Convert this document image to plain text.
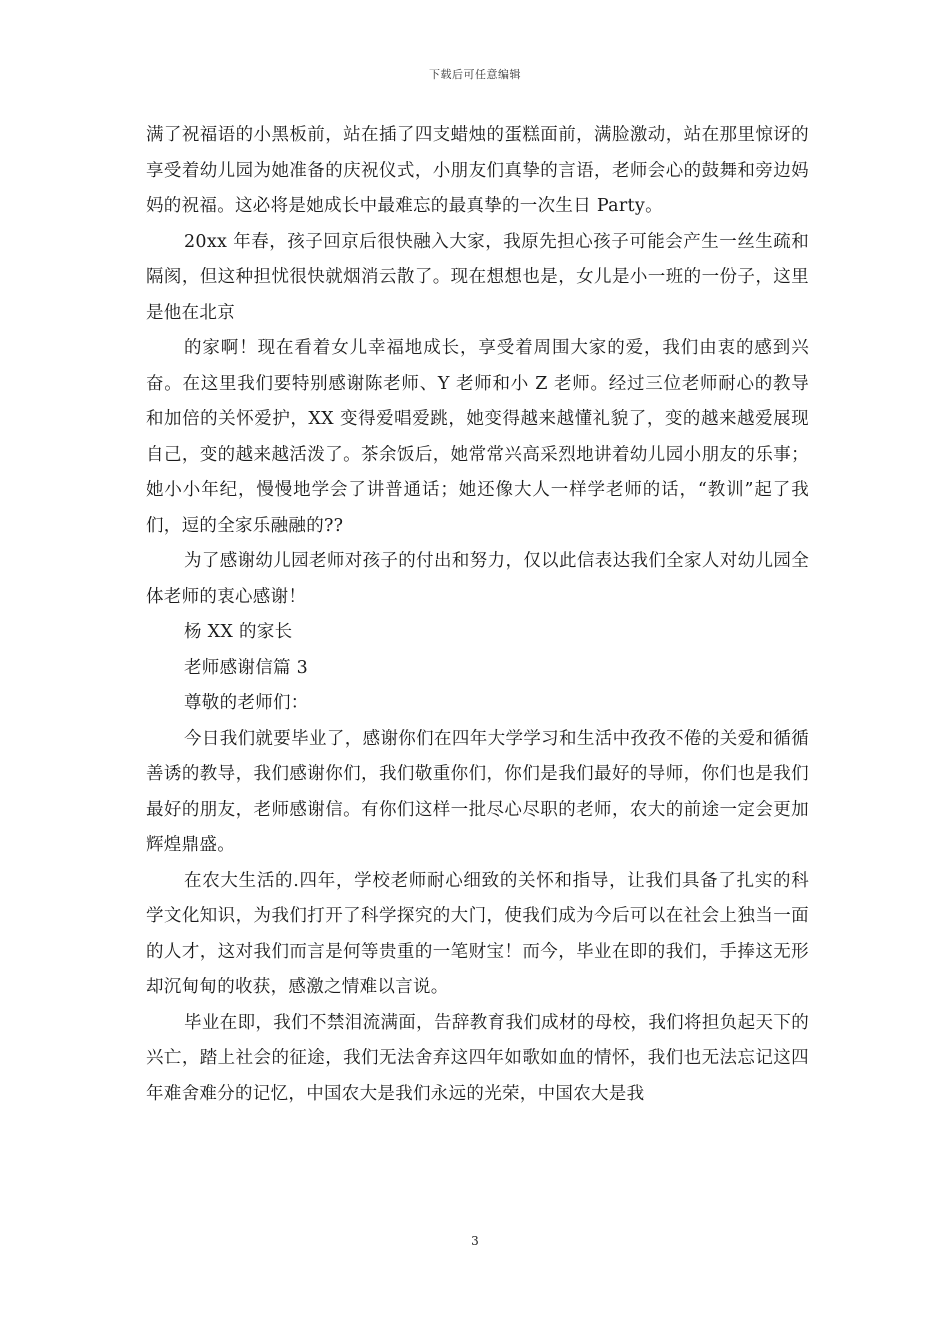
下载后可任意编辑

满了祝福语的小黑板前，站在插了四支蜡烛的蛋糕面前，满脸激动，站在那里惊讶的享受着幼儿园为她准备的庆祝仪式，小朋友们真挚的言语，老师会心的鼓舞和旁边妈妈的祝福。这必将是她成长中最难忘的最真挚的一次生日 Party。

20xx 年春，孩子回京后很快融入大家，我原先担心孩子可能会产生一丝生疏和隔阂，但这种担忧很快就烟消云散了。现在想想也是，女儿是小一班的一份子，这里是他在北京

的家啊！现在看着女儿幸福地成长，享受着周围大家的爱，我们由衷的感到兴奋。在这里我们要特别感谢陈老师、Y 老师和小 Z 老师。经过三位老师耐心的教导和加倍的关怀爱护，XX 变得爱唱爱跳，她变得越来越懂礼貌了，变的越来越爱展现自己，变的越来越活泼了。茶余饭后，她常常兴高采烈地讲着幼儿园小朋友的乐事；她小小年纪，慢慢地学会了讲普通话；她还像大人一样学老师的话，“教训”起了我们，逗的全家乐融融的??

为了感谢幼儿园老师对孩子的付出和努力，仅以此信表达我们全家人对幼儿园全体老师的衷心感谢！

杨 XX 的家长

老师感谢信篇 3

尊敬的老师们：

今日我们就要毕业了，感谢你们在四年大学学习和生活中孜孜不倦的关爱和循循善诱的教导，我们感谢你们，我们敬重你们，你们是我们最好的导师，你们也是我们最好的朋友，老师感谢信。有你们这样一批尽心尽职的老师，农大的前途一定会更加辉煌鼎盛。

在农大生活的.四年，学校老师耐心细致的关怀和指导，让我们具备了扎实的科学文化知识，为我们打开了科学探究的大门，使我们成为今后可以在社会上独当一面的人才，这对我们而言是何等贵重的一笔财宝！而今，毕业在即的我们，手捧这无形却沉甸甸的收获，感激之情难以言说。

毕业在即，我们不禁泪流满面，告辞教育我们成材的母校，我们将担负起天下的兴亡，踏上社会的征途，我们无法舍弃这四年如歌如血的情怀，我们也无法忘记这四年难舍难分的记忆，中国农大是我们永远的光荣，中国农大是我

3
